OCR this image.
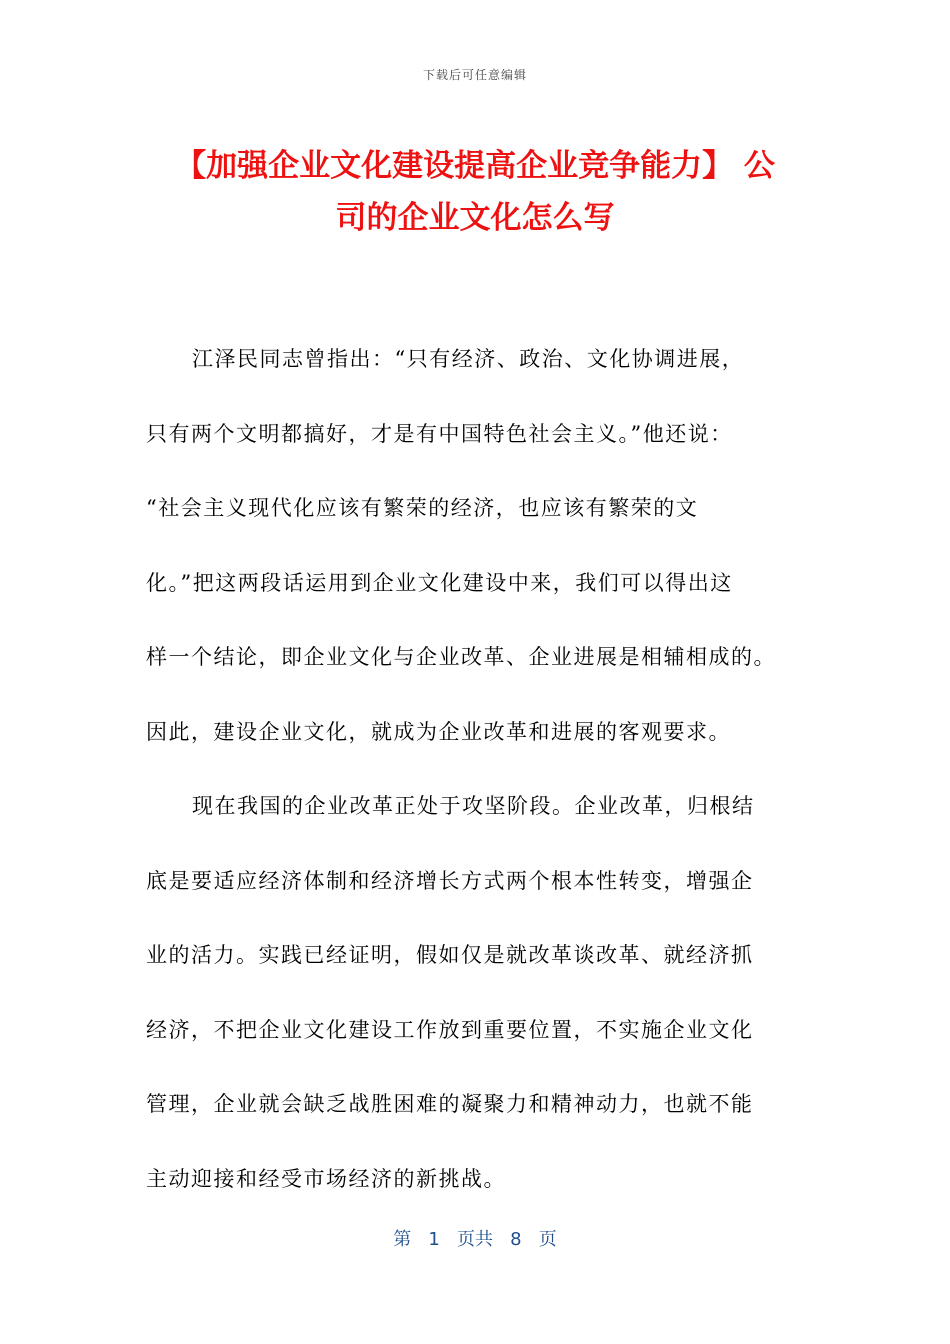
下载后可任意编辑
【加强企业文化建设提高企业竞争能力】 公
司的企业文化怎么写
江泽民同志曾指出：“只有经济、政治、文化协调进展，
只有两个文明都搞好，才是有中国特色社会主义。”他还说：
“社会主义现代化应该有繁荣的经济，也应该有繁荣的文
化。”把这两段话运用到企业文化建设中来，我们可以得出这
样一个结论，即企业文化与企业改革、企业进展是相辅相成的。
因此，建设企业文化，就成为企业改革和进展的客观要求。
现在我国的企业改革正处于攻坚阶段。企业改革，归根结
底是要适应经济体制和经济增长方式两个根本性转变，增强企
业的活力。实践已经证明，假如仅是就改革谈改革、就经济抓
经济，不把企业文化建设工作放到重要位置，不实施企业文化
管理，企业就会缺乏战胜困难的凝聚力和精神动力，也就不能
主动迎接和经受市场经济的新挑战。
第 1 页共 8 页
